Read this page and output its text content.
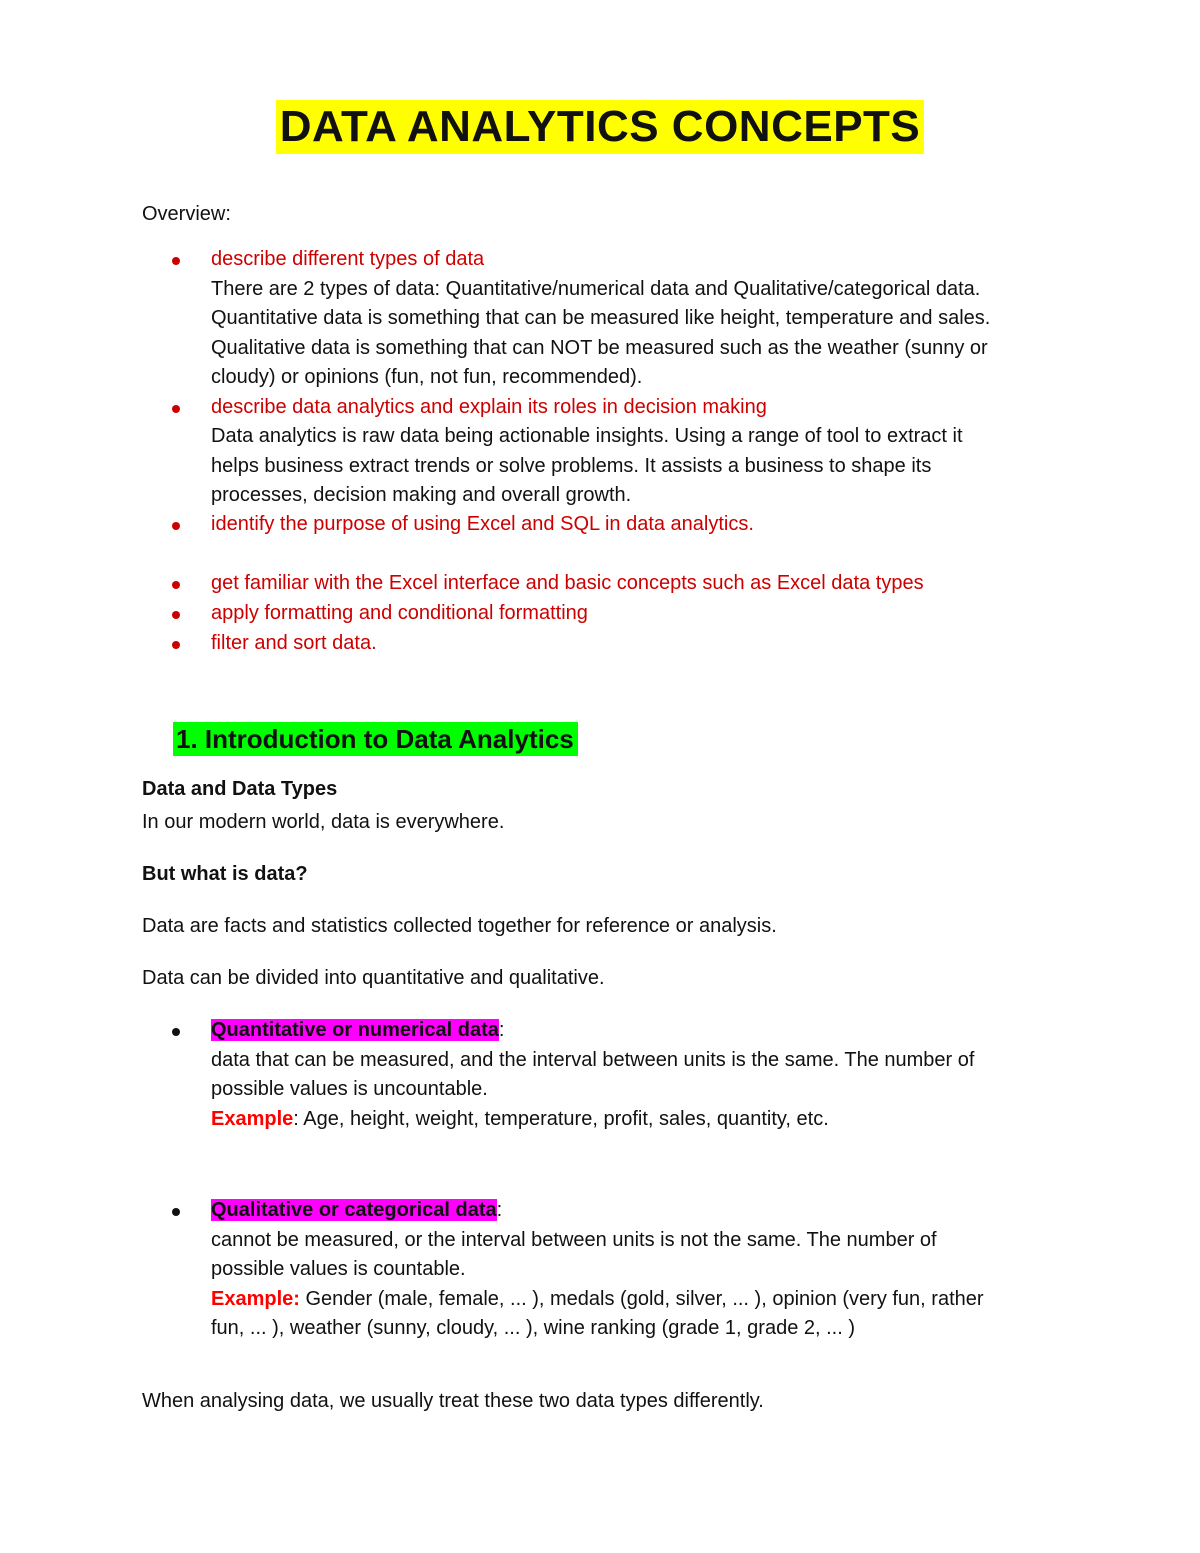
DATA ANALYTICS CONCEPTS
Overview:
describe different types of data
There are 2 types of data: Quantitative/numerical data and Qualitative/categorical data.
Quantitative data is something that can be measured like height, temperature and sales.
Qualitative data is something that can NOT be measured such as the weather (sunny or
cloudy) or opinions (fun, not fun, recommended).
describe data analytics and explain its roles in decision making
Data analytics is raw data being actionable insights. Using a range of tool to extract it
helps business extract trends or solve problems. It assists a business to shape its
processes, decision making and overall growth.
identify the purpose of using Excel and SQL in data analytics.
get familiar with the Excel interface and basic concepts such as Excel data types
apply formatting and conditional formatting
filter and sort data.
1. Introduction to Data Analytics
Data and Data Types
In our modern world, data is everywhere.
But what is data?
Data are facts and statistics collected together for reference or analysis.
Data can be divided into quantitative and qualitative.
Quantitative or numerical data:
data that can be measured, and the interval between units is the same. The number of
possible values is uncountable.
Example: Age, height, weight, temperature, profit, sales, quantity, etc.
Qualitative or categorical data:
cannot be measured, or the interval between units is not the same. The number of
possible values is countable.
Example: Gender (male, female, ... ), medals (gold, silver, ... ), opinion (very fun, rather
fun, ... ), weather (sunny, cloudy, ... ), wine ranking (grade 1, grade 2, ... )
When analysing data, we usually treat these two data types differently.
